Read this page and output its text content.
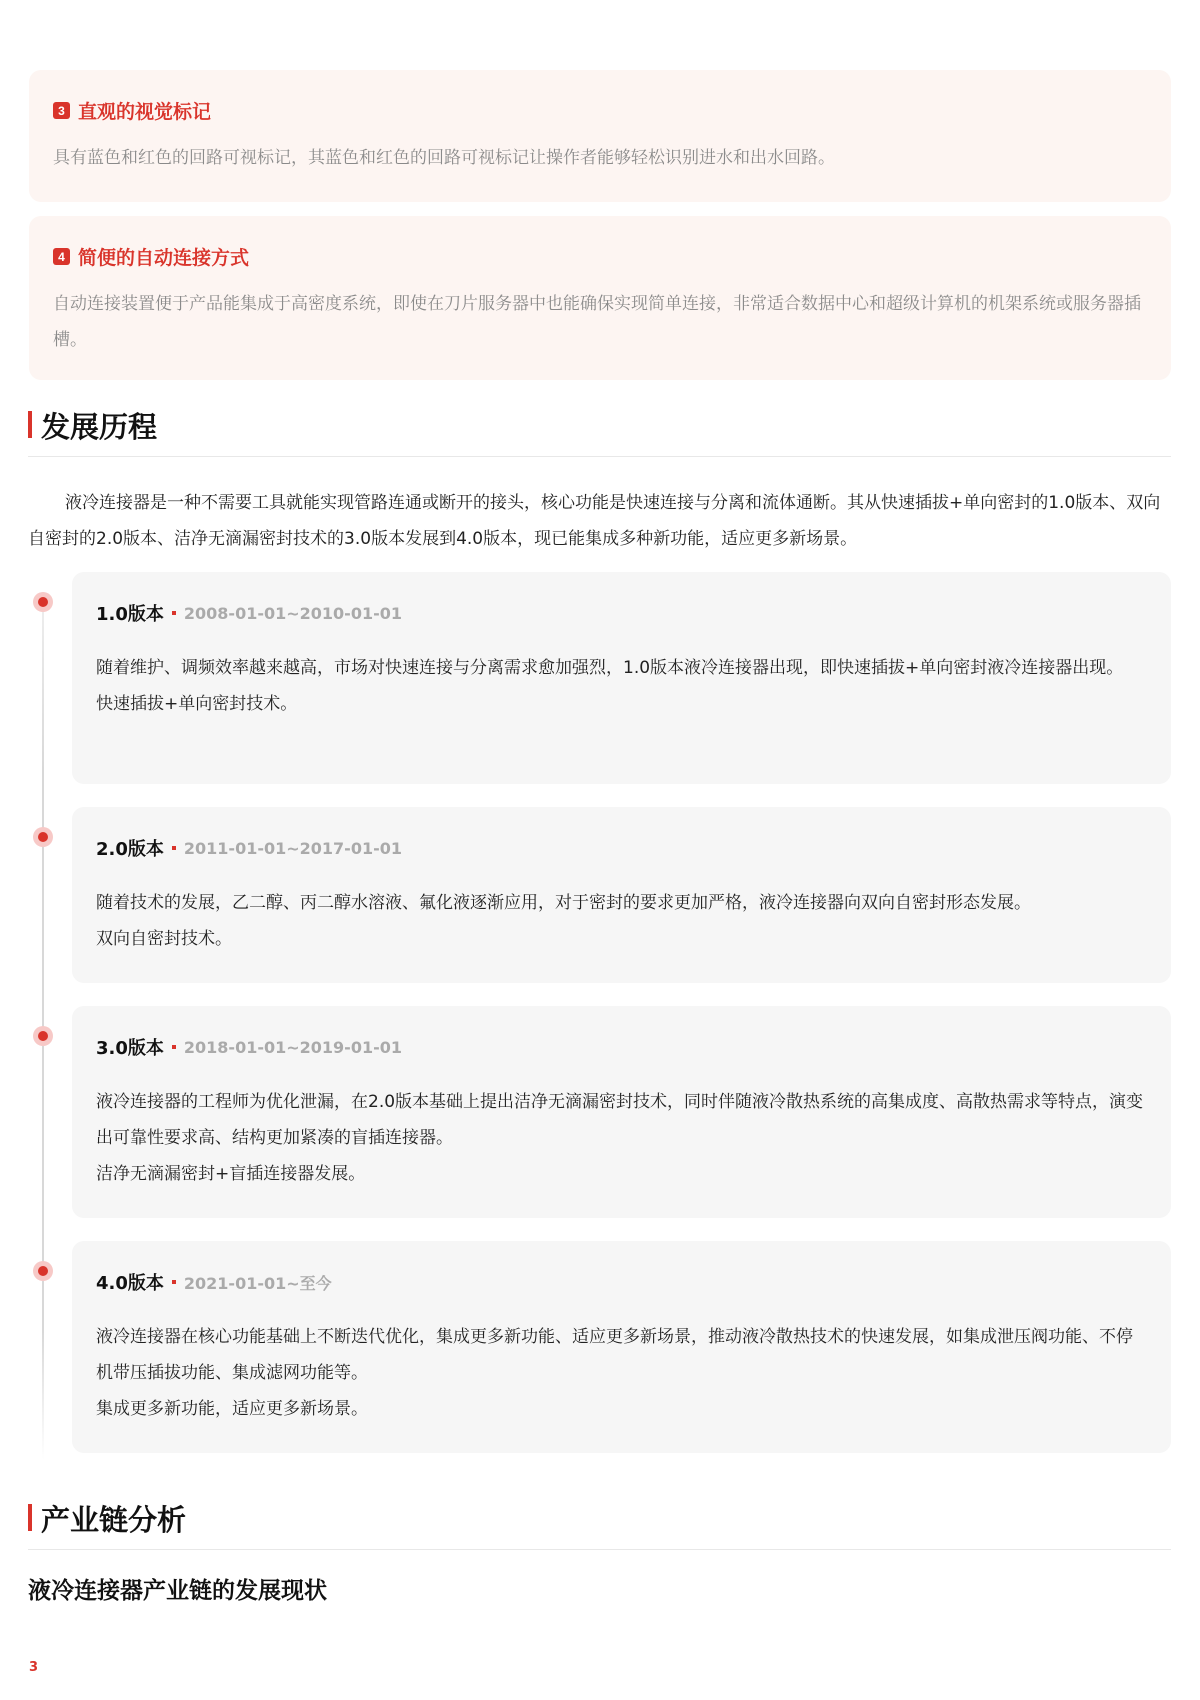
3 直观的视觉标记
具有蓝色和红色的回路可视标记，其蓝色和红色的回路可视标记让操作者能够轻松识别进水和出水回路。
4 简便的自动连接方式
自动连接装置便于产品能集成于高密度系统，即使在刀片服务器中也能确保实现简单连接，非常适合数据中心和超级计算机的机架系统或服务器插槽。
发展历程
液冷连接器是一种不需要工具就能实现管路连通或断开的接头，核心功能是快速连接与分离和流体通断。其从快速插拔+单向密封的1.0版本、双向自密封的2.0版本、洁净无滴漏密封技术的3.0版本发展到4.0版本，现已能集成多种新功能，适应更多新场景。
1.0版本 2008-01-01~2010-01-01
随着维护、调频效率越来越高，市场对快速连接与分离需求愈加强烈，1.0版本液冷连接器出现，即快速插拔+单向密封液冷连接器出现。
快速插拔+单向密封技术。
2.0版本 2011-01-01~2017-01-01
随着技术的发展，乙二醇、丙二醇水溶液、氟化液逐渐应用，对于密封的要求更加严格，液冷连接器向双向自密封形态发展。
双向自密封技术。
3.0版本 2018-01-01~2019-01-01
液冷连接器的工程师为优化泄漏，在2.0版本基础上提出洁净无滴漏密封技术，同时伴随液冷散热系统的高集成度、高散热需求等特点，演变出可靠性要求高、结构更加紧凑的盲插连接器。
洁净无滴漏密封+盲插连接器发展。
4.0版本 2021-01-01~至今
液冷连接器在核心功能基础上不断迭代优化，集成更多新功能、适应更多新场景，推动液冷散热技术的快速发展，如集成泄压阀功能、不停机带压插拔功能、集成滤网功能等。
集成更多新功能，适应更多新场景。
产业链分析
液冷连接器产业链的发展现状
3
